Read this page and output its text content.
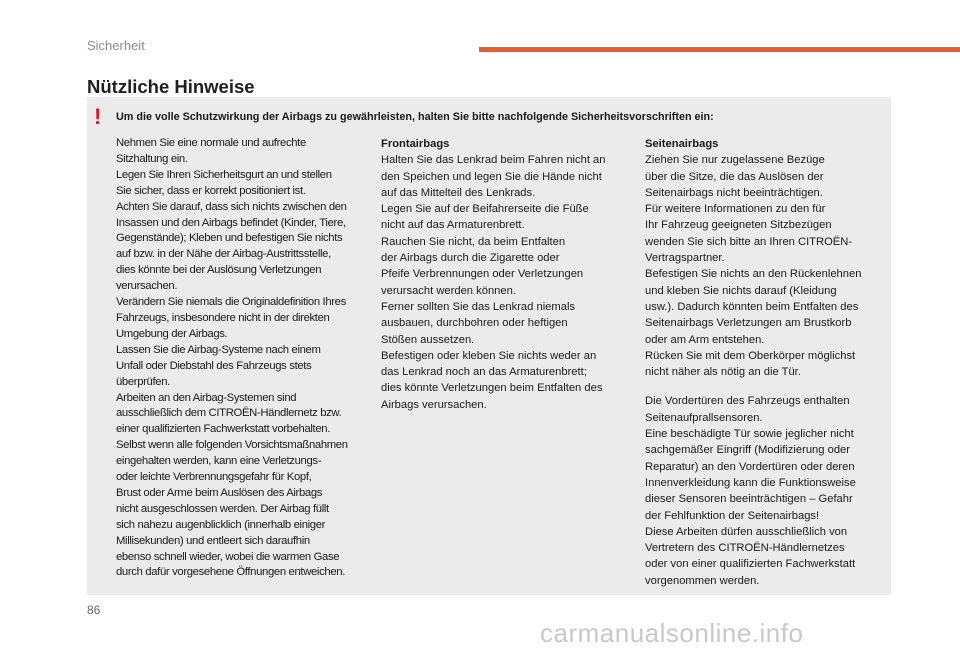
Sicherheit
Nützliche Hinweise
! Um die volle Schutzwirkung der Airbags zu gewährleisten, halten Sie bitte nachfolgende Sicherheitsvorschriften ein:

Nehmen Sie eine normale und aufrechte
Sitzhaltung ein.
Legen Sie Ihren Sicherheitsgurt an und stellen
Sie sicher, dass er korrekt positioniert ist.
Achten Sie darauf, dass sich nichts zwischen den
Insassen und den Airbags befindet (Kinder, Tiere,
Gegenstände); Kleben und befestigen Sie nichts
auf bzw. in der Nähe der Airbag-Austrittsstelle,
dies könnte bei der Auslösung Verletzungen
verursachen.
Verändern Sie niemals die Originaldefinition Ihres
Fahrzeugs, insbesondere nicht in der direkten
Umgebung der Airbags.
Lassen Sie die Airbag-Systeme nach einem
Unfall oder Diebstahl des Fahrzeugs stets
überprüfen.
Arbeiten an den Airbag-Systemen sind
ausschließlich dem CITROËN-Händlernetz bzw.
einer qualifizierten Fachwerkstatt vorbehalten.
Selbst wenn alle folgenden Vorsichtsmaßnahmen
eingehalten werden, kann eine Verletzungs-
oder leichte Verbrennungsgefahr für Kopf,
Brust oder Arme beim Auslösen des Airbags
nicht ausgeschlossen werden. Der Airbag füllt
sich nahezu augenblicklich (innerhalb einiger
Millisekunden) und entleert sich daraufhin
ebenso schnell wieder, wobei die warmen Gase
durch dafür vorgesehene Öffnungen entweichen.

Frontairbags

Halten Sie das Lenkrad beim Fahren nicht an
den Speichen und legen Sie die Hände nicht
auf das Mittelteil des Lenkrads.
Legen Sie auf der Beifahrerseite die Füße
nicht auf das Armaturenbrett.
Rauchen Sie nicht, da beim Entfalten
der Airbags durch die Zigarette oder
Pfeife Verbrennungen oder Verletzungen
verursacht werden können.
Ferner sollten Sie das Lenkrad niemals
ausbauen, durchbohren oder heftigen
Stößen aussetzen.
Befestigen oder kleben Sie nichts weder an
das Lenkrad noch an das Armaturenbrett;
dies könnte Verletzungen beim Entfalten des
Airbags verursachen.

Seitenairbags

Ziehen Sie nur zugelassene Bezüge
über die Sitze, die das Auslösen der
Seitenairbags nicht beeinträchtigen.
Für weitere Informationen zu den für
Ihr Fahrzeug geeigneten Sitzbezügen
wenden Sie sich bitte an Ihren CITROËN-
Vertragspartner.
Befestigen Sie nichts an den Rückenlehnen
und kleben Sie nichts darauf (Kleidung
usw.). Dadurch könnten beim Entfalten des
Seitenairbags Verletzungen am Brustkorb
oder am Arm entstehen.
Rücken Sie mit dem Oberkörper möglichst
nicht näher als nötig an die Tür.

Die Vordertüren des Fahrzeugs enthalten
Seitenaufprallsensoren.
Eine beschädigte Tür sowie jeglicher nicht
sachgemäßer Eingriff (Modifizierung oder
Reparatur) an den Vordertüren oder deren
Innenverkleidung kann die Funktionsweise
dieser Sensoren beeinträchtigen – Gefahr
der Fehlfunktion der Seitenairbags!
Diese Arbeiten dürfen ausschließlich von
Vertretern des CITROËN-Händlernetzes
oder von einer qualifizierten Fachwerkstatt
vorgenommen werden.

86
carmanualsonline.info
